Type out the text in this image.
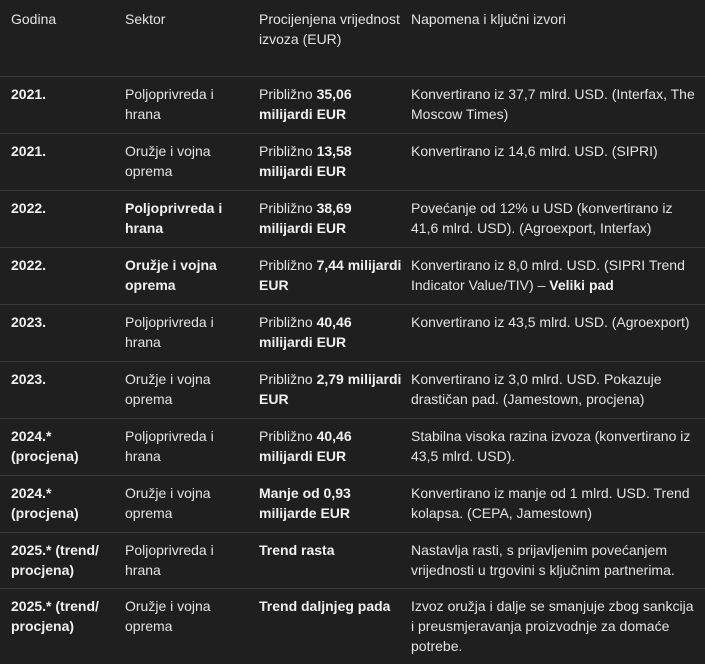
Godina	Sektor	Procijenjena vrijednost izvoza (EUR)	Napomena i ključni izvori
2021.	Poljoprivreda i hrana	Približno 35,06 milijardi EUR	Konvertirano iz 37,7 mlrd. USD. (Interfax, The Moscow Times)
2021.	Oružje i vojna oprema	Približno 13,58 milijardi EUR	Konvertirano iz 14,6 mlrd. USD. (SIPRI)
2022.	Poljoprivreda i hrana	Približno 38,69 milijardi EUR	Povećanje od 12% u USD (konvertirano iz 41,6 mlrd. USD). (Agroexport, Interfax)
2022.	Oružje i vojna oprema	Približno 7,44 milijardi EUR	Konvertirano iz 8,0 mlrd. USD. (SIPRI Trend Indicator Value/TIV) – Veliki pad
2023.	Poljoprivreda i hrana	Približno 40,46 milijardi EUR	Konvertirano iz 43,5 mlrd. USD. (Agroexport)
2023.	Oružje i vojna oprema	Približno 2,79 milijardi EUR	Konvertirano iz 3,0 mlrd. USD. Pokazuje drastičan pad. (Jamestown, procjena)
2024.* (procjena)	Poljoprivreda i hrana	Približno 40,46 milijardi EUR	Stabilna visoka razina izvoza (konvertirano iz 43,5 mlrd. USD).
2024.* (procjena)	Oružje i vojna oprema	Manje od 0,93 milijarde EUR	Konvertirano iz manje od 1 mlrd. USD. Trend kolapsa. (CEPA, Jamestown)
2025.* (trend/ procjena)	Poljoprivreda i hrana	Trend rasta	Nastavlja rasti, s prijavljenim povećanjem vrijednosti u trgovini s ključnim partnerima.
2025.* (trend/ procjena)	Oružje i vojna oprema	Trend daljnjeg pada	Izvoz oružja i dalje se smanjuje zbog sankcija i preusmjeravanja proizvodnje za domaće potrebe.
